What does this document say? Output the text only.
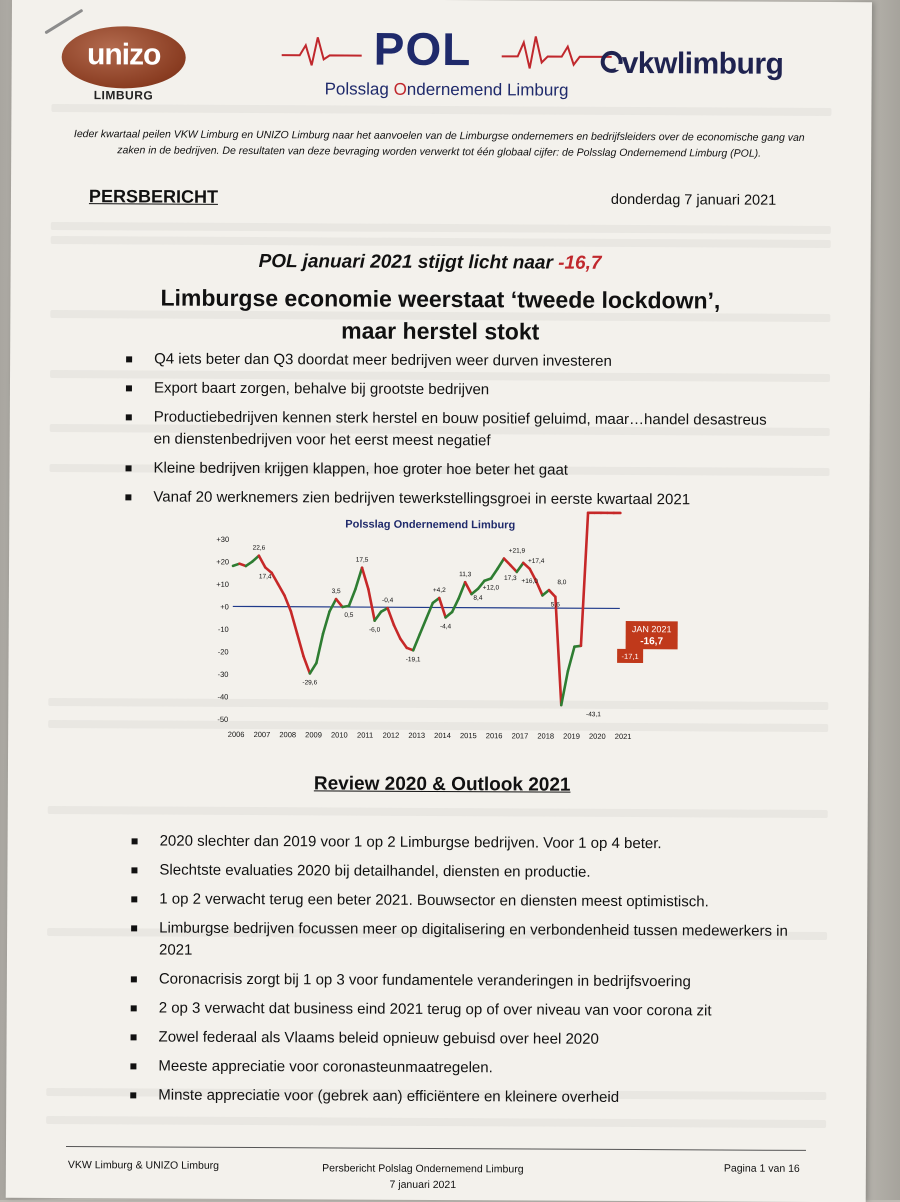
unizo
LIMBURG
POL
Polsslag Ondernemend Limburg
vkwlimburg
Ieder kwartaal peilen VKW Limburg en UNIZO Limburg naar het aanvoelen van de Limburgse ondernemers en bedrijfsleiders over de economische gang van zaken in de bedrijven. De resultaten van deze bevraging worden verwerkt tot één globaal cijfer: de Polsslag Ondernemend Limburg (POL).
PERSBERICHT	donderdag 7 januari 2021
POL januari 2021 stijgt licht naar -16,7
Limburgse economie weerstaat ‘tweede lockdown’,
maar herstel stokt
Q4 iets beter dan Q3 doordat meer bedrijven weer durven investeren
Export baart zorgen, behalve bij grootste bedrijven
Productiebedrijven kennen sterk herstel en bouw positief geluimd, maar…handel desastreus en dienstenbedrijven voor het eerst meest negatief
Kleine bedrijven krijgen klappen, hoe groter hoe beter het gaat
Vanaf 20 werknemers zien bedrijven tewerkstellingsgroei in eerste kwartaal 2021
Polsslag Ondernemend Limburg
+30
+20
+10
+0
-10
-20
-30
-40
-50
2006 2007 2008 2009 2010 2011 2012 2013 2014 2015 2016 2017 2018 2019 2020 2021
22,6
17,4
-29,6
3,5
0,5
17,5
-6,0
-0,4
-19,1
+4,2
-4,4
11,3
8,4
+12,0
17,3
+21,9
+16,0
+17,4
5,6
8,0
-43,1
JAN 2021
-16,7
-17,1
Review 2020 & Outlook 2021
2020 slechter dan 2019 voor 1 op 2 Limburgse bedrijven. Voor 1 op 4 beter.
Slechtste evaluaties 2020 bij detailhandel, diensten en productie.
1 op 2 verwacht terug een beter 2021. Bouwsector en diensten meest optimistisch.
Limburgse bedrijven focussen meer op digitalisering en verbondenheid tussen medewerkers in 2021
Coronacrisis zorgt bij 1 op 3 voor fundamentele veranderingen in bedrijfsvoering
2 op 3 verwacht dat business eind 2021 terug op of over niveau van voor corona zit
Zowel federaal als Vlaams beleid opnieuw gebuisd over heel 2020
Meeste appreciatie voor coronasteunmaatregelen.
Minste appreciatie voor (gebrek aan) efficiëntere en kleinere overheid
VKW Limburg & UNIZO Limburg	Persbericht Polslag Ondernemend Limburg
7 januari 2021
Pagina 1 van 16
